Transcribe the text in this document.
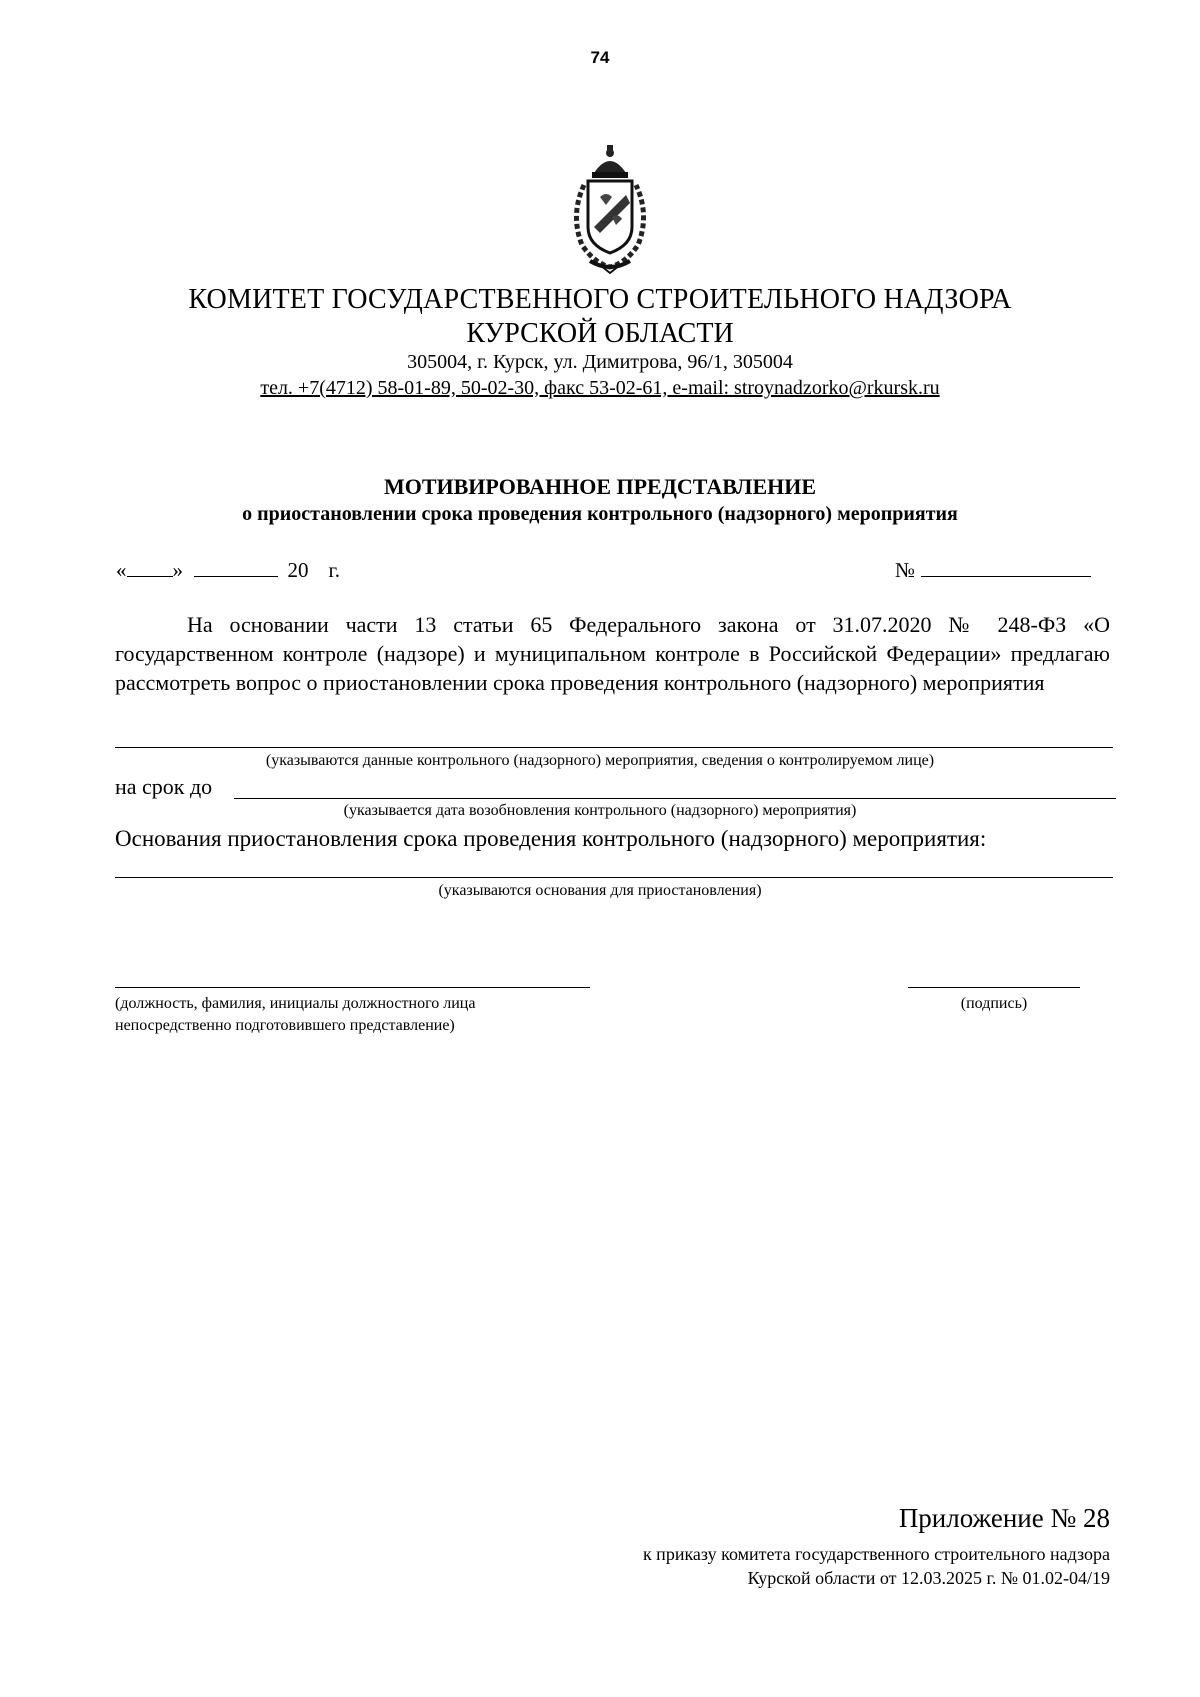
74
КОМИТЕТ ГОСУДАРСТВЕННОГО СТРОИТЕЛЬНОГО НАДЗОРА
КУРСКОЙ ОБЛАСТИ
305004, г. Курск, ул. Димитрова, 96/1, 305004
тел. +7(4712) 58-01-89, 50-02-30, факс 53-02-61, e-mail: stroynadzorko@rkursk.ru
МОТИВИРОВАННОЕ ПРЕДСТАВЛЕНИЕ
о приостановлении срока проведения контрольного (надзорного) мероприятия
« »	20 г.	№
На основании части 13 статьи 65 Федерального закона от 31.07.2020 № 248-ФЗ «О государственном контроле (надзоре) и муниципальном контроле в Российской Федерации» предлагаю рассмотреть вопрос о приостановлении срока проведения контрольного (надзорного) мероприятия
(указываются данные контрольного (надзорного) мероприятия, сведения о контролируемом лице)
на срок до
(указывается дата возобновления контрольного (надзорного) мероприятия)
Основания приостановления срока проведения контрольного (надзорного) мероприятия:
(указываются основания для приостановления)
(должность, фамилия, инициалы должностного лица
непосредственно подготовившего представление)
(подпись)
Приложение № 28
к приказу комитета государственного строительного надзора
Курской области от 12.03.2025 г. № 01.02-04/19
